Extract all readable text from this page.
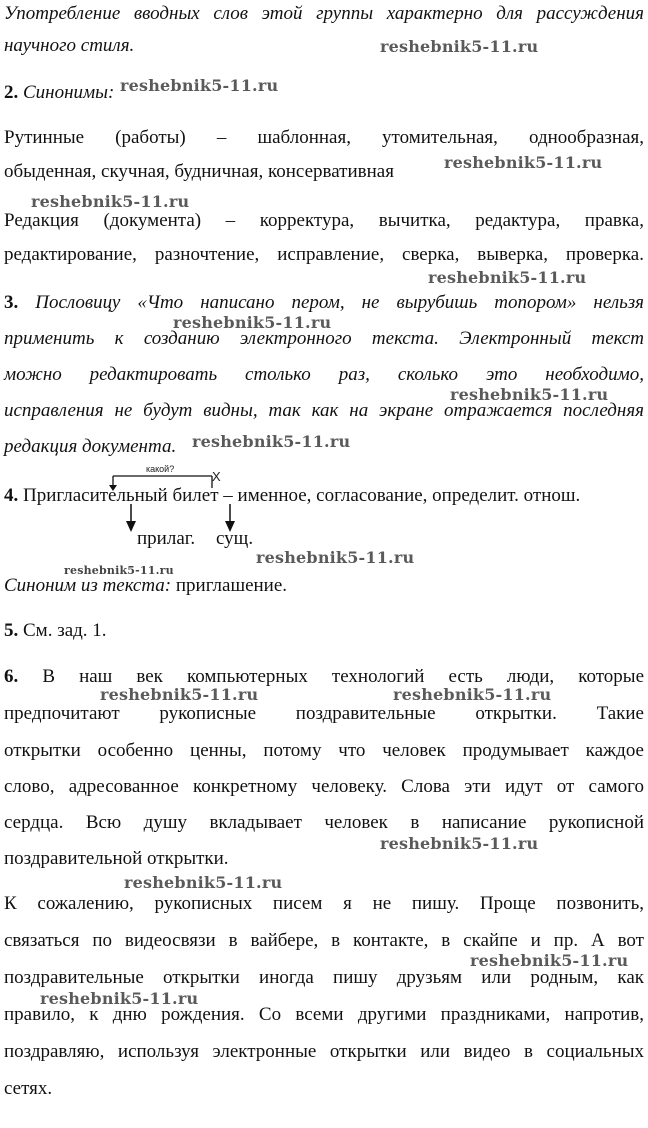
Употребление вводных слов этой группы характерно для рассуждения
научного стиля.
2. Синонимы:
Рутинные (работы) – шаблонная, утомительная, однообразная,
обыденная, скучная, будничная, консервативная
Редакция (документа) – корректура, вычитка, редактура, правка,
редактирование, разночтение, исправление, сверка, выверка, проверка.
3. Пословицу «Что написано пером, не вырубишь топором» нельзя
применить к созданию электронного текста. Электронный текст
можно редактировать столько раз, сколько это необходимо,
исправления не будут видны, так как на экране отражается последняя
редакция документа.
какой?	X
4. Пригласительный билет – именное, согласование, определит. отнош.
прилаг. сущ.
Синоним из текста: приглашение.
5. См. зад. 1.
6. В наш век компьютерных технологий есть люди, которые
предпочитают рукописные поздравительные открытки. Такие
открытки особенно ценны, потому что человек продумывает каждое
слово, адресованное конкретному человеку. Слова эти идут от самого
сердца. Всю душу вкладывает человек в написание рукописной
поздравительной открытки.
К сожалению, рукописных писем я не пишу. Проще позвонить,
связаться по видеосвязи в вайбере, в контакте, в скайпе и пр. А вот
поздравительные открытки иногда пишу друзьям или родным, как
правило, к дню рождения. Со всеми другими праздниками, напротив,
поздравляю, используя электронные открытки или видео в социальных
сетях.
reshebnik5-11.ru
reshebnik5-11.ru
reshebnik5-11.ru
reshebnik5-11.ru
reshebnik5-11.ru
reshebnik5-11.ru
reshebnik5-11.ru
reshebnik5-11.ru
reshebnik5-11.ru
reshebnik5-11.ru
reshebnik5-11.ru	reshebnik5-11.ru
reshebnik5-11.ru
reshebnik5-11.ru
reshebnik5-11.ru
reshebnik5-11.ru
